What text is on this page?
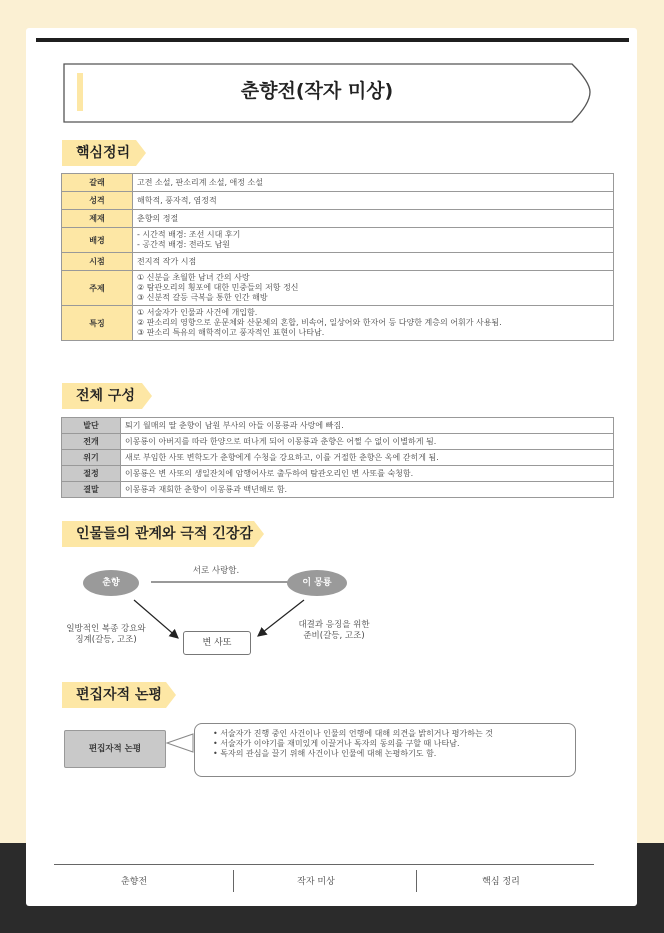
춘향전(작자 미상)
핵심정리
갈래	고전 소설, 판소리계 소설, 애정 소설

성격	해학적, 풍자적, 염정적

제재	춘향의 정절

배경	- 시간적 배경: 조선 시대 후기
- 공간적 배경: 전라도 남원

시점	전지적 작가 시점

주제	① 신분을 초월한 남녀 간의 사랑
② 탐관오리의 횡포에 대한 민중들의 저항 정신
③ 신분적 갈등 극복을 통한 인간 해방

특징	① 서술자가 인물과 사건에 개입함.
② 판소리의 영향으로 운문체와 산문체의 혼합, 비속어, 일상어와 한자어 등 다양한 계층의 어휘가 사용됨.
③ 판소리 특유의 해학적이고 풍자적인 표현이 나타남.
전체 구성
발단	퇴기 월매의 딸 춘향이 남원 부사의 아들 이몽룡과 사랑에 빠짐.
전개	이몽룡이 아버지를 따라 한양으로 떠나게 되어 이몽룡과 춘향은 어쩔 수 없이 이별하게 됨.
위기	새로 부임한 사또 변학도가 춘향에게 수청을 강요하고, 이를 거절한 춘향은 옥에 갇히게 됨.
절정	이몽룡은 변 사또의 생일잔치에 암행어사로 출두하여 탐관오리인 변 사또를 숙청함.
결말	이몽룡과 재회한 춘향이 이몽룡과 백년해로 함.
인물들의 관계와 극적 긴장감
춘향	이 몽룡
변 사또
서로 사랑함.
일방적인 복종 강요와
징계(갈등, 고조)
대결과 응징을 위한
준비(갈등, 고조)
편집자적 논평
편집자적 논평
• 서술자가 진행 중인 사건이나 인물의 언행에 대해 의견을 밝히거나 평가하는 것
• 서술자가 이야기를 재미있게 이끌거나 독자의 동의를 구할 때 나타남.
• 독자의 관심을 끌기 위해 사건이나 인물에 대해 논평하기도 함.
춘향전	작자 미상	핵심 정리
